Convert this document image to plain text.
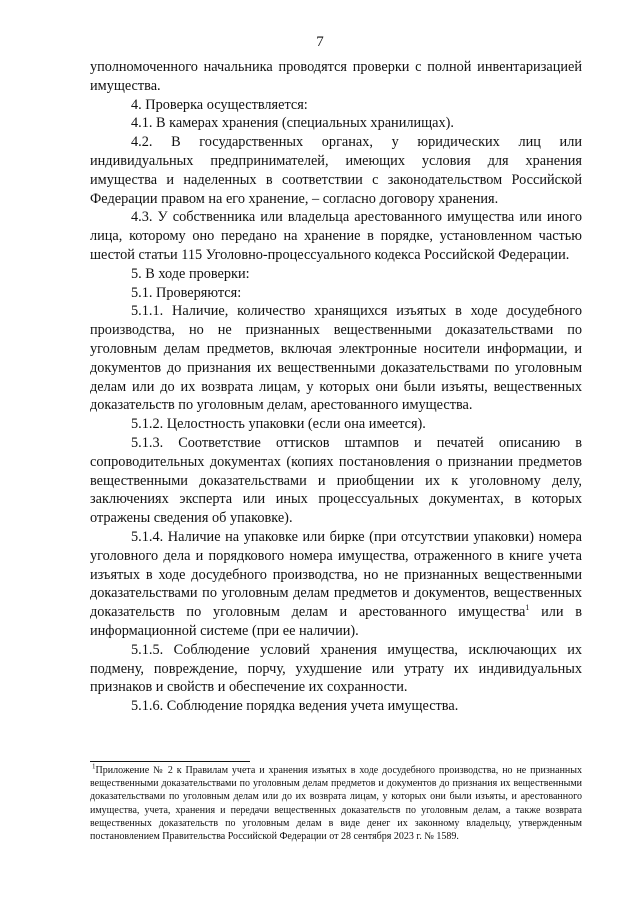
7

уполномоченного начальника проводятся проверки с полной инвентаризацией имущества.

4. Проверка осуществляется:

4.1. В камерах хранения (специальных хранилищах).

4.2. В государственных органах, у юридических лиц или индивидуальных предпринимателей, имеющих условия для хранения имущества и наделенных в соответствии с законодательством Российской Федерации правом на его хранение, – согласно договору хранения.

4.3. У собственника или владельца арестованного имущества или иного лица, которому оно передано на хранение в порядке, установленном частью шестой статьи 115 Уголовно-процессуального кодекса Российской Федерации.

5. В ходе проверки:

5.1. Проверяются:

5.1.1. Наличие, количество хранящихся изъятых в ходе досудебного производства, но не признанных вещественными доказательствами по уголовным делам предметов, включая электронные носители информации, и документов до признания их вещественными доказательствами по уголовным делам или до их возврата лицам, у которых они были изъяты, вещественных доказательств по уголовным делам, арестованного имущества.

5.1.2. Целостность упаковки (если она имеется).

5.1.3. Соответствие оттисков штампов и печатей описанию в сопроводительных документах (копиях постановления о признании предметов вещественными доказательствами и приобщении их к уголовному делу, заключениях эксперта или иных процессуальных документах, в которых отражены сведения об упаковке).

5.1.4. Наличие на упаковке или бирке (при отсутствии упаковки) номера уголовного дела и порядкового номера имущества, отраженного в книге учета изъятых в ходе досудебного производства, но не признанных вещественными доказательствами по уголовным делам предметов и документов, вещественных доказательств по уголовным делам и арестованного имущества$^1$ или в информационной системе (при ее наличии).

5.1.5. Соблюдение условий хранения имущества, исключающих их подмену, повреждение, порчу, ухудшение или утрату их индивидуальных признаков и свойств и обеспечение их сохранности.

5.1.6. Соблюдение порядка ведения учета имущества.

$^1$Приложение № 2 к Правилам учета и хранения изъятых в ходе досудебного производства, но не признанных вещественными доказательствами по уголовным делам предметов и документов до признания их вещественными доказательствами по уголовным делам или до их возврата лицам, у которых они были изъяты, и арестованного имущества, учета, хранения и передачи вещественных доказательств по уголовным делам, а также возврата вещественных доказательств по уголовным делам в виде денег их законному владельцу, утвержденным постановлением Правительства Российской Федерации от 28 сентября 2023 г. № 1589.
